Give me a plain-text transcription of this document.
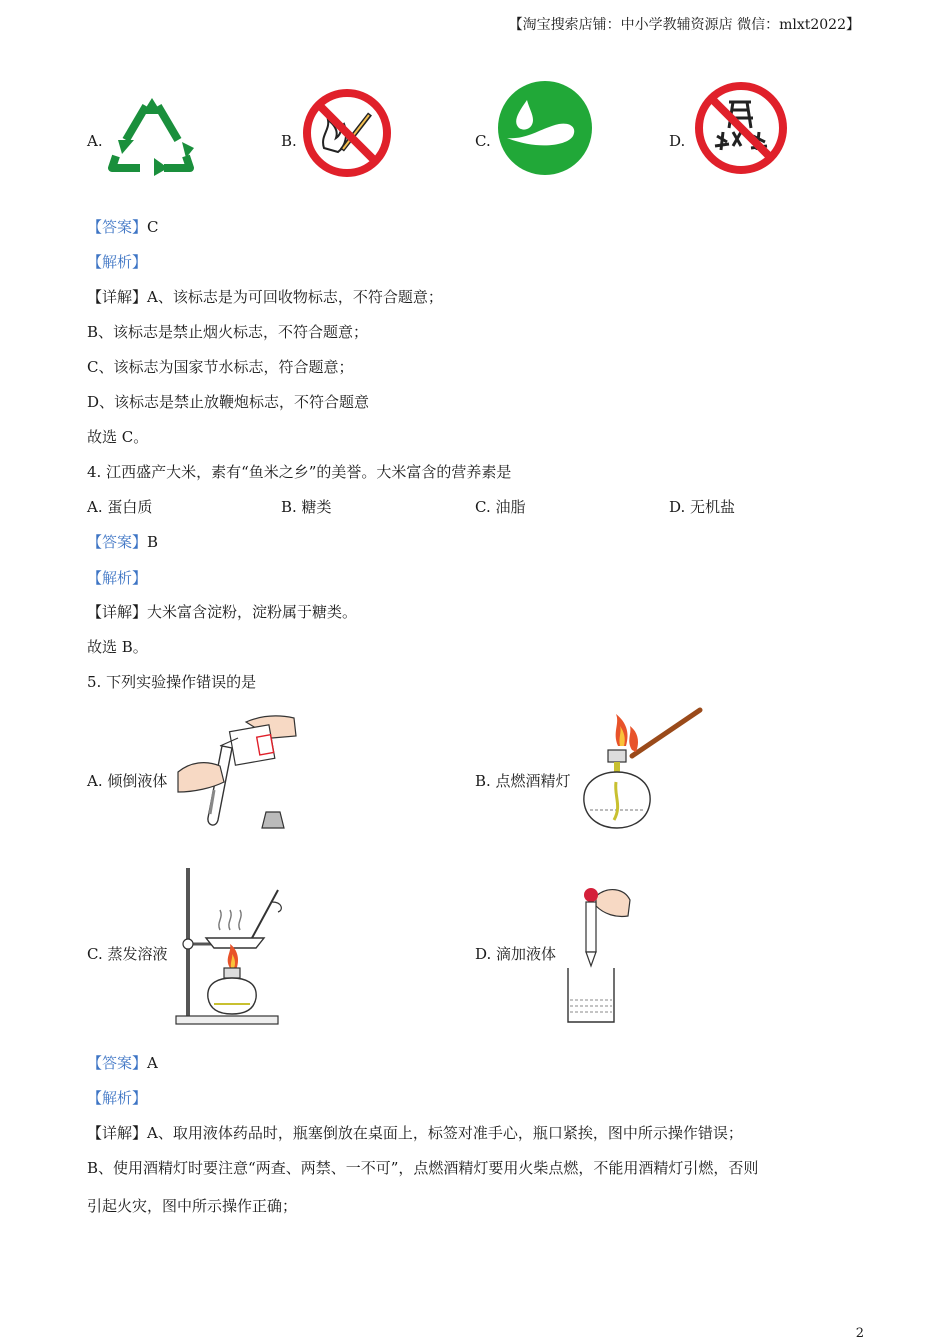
【淘宝搜索店铺：中小学教辅资源店 微信：mlxt2022】
A.	B.	C.	D.
【答案】C
【解析】
【详解】A、该标志是为可回收物标志，不符合题意；
B、该标志是禁止烟火标志，不符合题意；
C、该标志为国家节水标志，符合题意；
D、该标志是禁止放鞭炮标志，不符合题意
故选 C。
4. 江西盛产大米，素有“鱼米之乡”的美誉。大米富含的营养素是
A. 蛋白质	B. 糖类	C. 油脂	D. 无机盐
【答案】B
【解析】
【详解】大米富含淀粉，淀粉属于糖类。
故选 B。
5. 下列实验操作错误的是
A. 倾倒液体	B. 点燃酒精灯
C. 蒸发溶液	D. 滴加液体
【答案】A
【解析】
【详解】A、取用液体药品时，瓶塞倒放在桌面上，标签对准手心，瓶口紧挨，图中所示操作错误；
B、使用酒精灯时要注意“两查、两禁、一不可”，点燃酒精灯要用火柴点燃，不能用酒精灯引燃，否则
引起火灾，图中所示操作正确；
2
